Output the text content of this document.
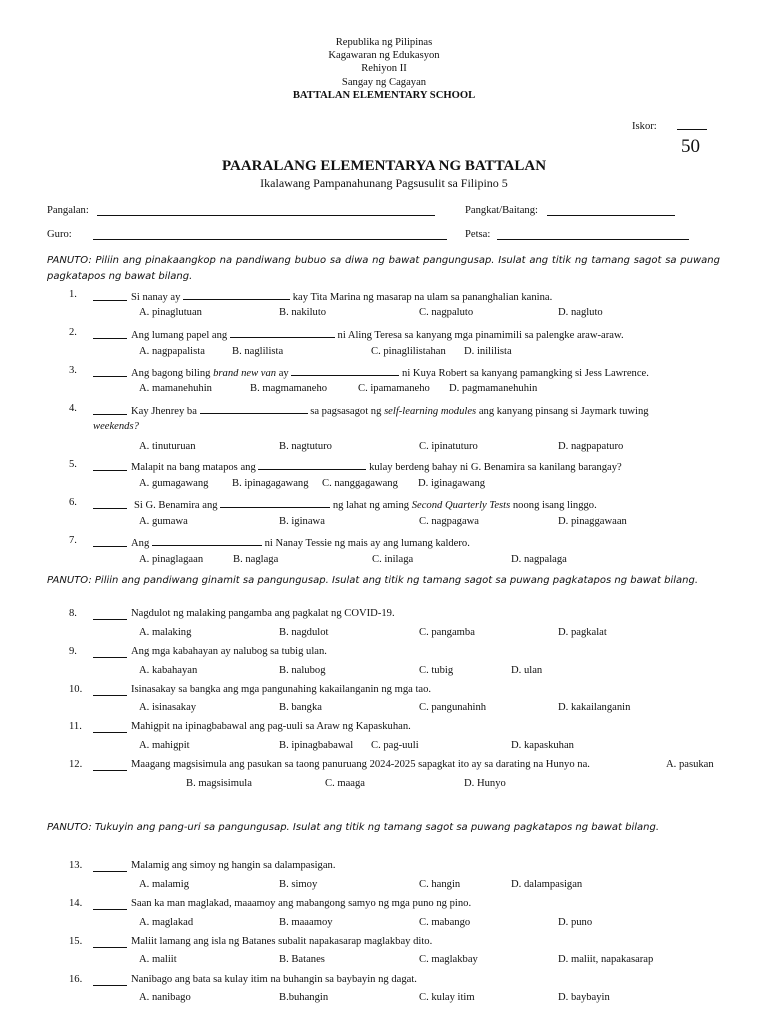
Republika ng Pilipinas
Kagawaran ng Edukasyon
Rehiyon II
Sangay ng Cagayan
BATTALAN ELEMENTARY SCHOOL
Iskor:
50
PAARALANG ELEMENTARYA NG BATTALAN
Ikalawang Pampanahunang Pagsusulit sa Filipino 5
Pangalan:	Pangkat/Baitang:
Guro:	Petsa:
PANUTO: Piliin ang pinakaangkop na pandiwang bubuo sa diwa ng bawat pangungusap. Isulat ang titik ng tamang sagot sa puwang pagkatapos ng bawat bilang.
1.	Si nanay ay	kay Tita Marina ng masarap na ulam sa pananghalian kanina.
A. pinaglutuan	B. nakiluto	C. nagpaluto	D. nagluto
2.	Ang lumang papel ang	ni Aling Teresa sa kanyang mga pinamimili sa palengke araw-araw.
A. nagpapalista	B. naglilista	C. pinaglilistahan D. inililista
3.	Ang bagong biling brand new van ay	ni Kuya Robert sa kanyang pamangking si Jess Lawrence.
A. mamanehuhin	B. magmamaneho	C. ipamamaneho D. pagmamanehuhin
4.	Kay Jhenrey ba	sa pagsasagot ng self-learning modules ang kanyang pinsang si Jaymark tuwing
weekends?
A. tinuturuan	B. nagtuturo	C. ipinatuturo	D. nagpapaturo
5.	Malapit na bang matapos ang	kulay berdeng bahay ni G. Benamira sa kanilang barangay?
A. gumagawang B. ipinagagawang C. nanggagawang D. iginagawang
6.	Si G. Benamira ang	ng lahat ng aming Second Quarterly Tests noong isang linggo.
A. gumawa	B. iginawa	C. nagpagawa	D. pinaggawaan
7.	Ang	ni Nanay Tessie ng mais ay ang lumang kaldero.
A. pinaglagaan	B. naglaga	C. inilaga	D. nagpalaga
PANUTO: Piliin ang pandiwang ginamit sa pangungusap. Isulat ang titik ng tamang sagot sa puwang pagkatapos ng bawat bilang.
8.	Nagdulot ng malaking pangamba ang pagkalat ng COVID-19.
A. malaking	B. nagdulot	C. pangamba	D. pagkalat
9.	Ang mga kabahayan ay nalubog sa tubig ulan.
A. kabahayan	B. nalubog	C. tubig	D. ulan
10.	Isinasakay sa bangka ang mga pangunahing kakailanganin ng mga tao.
A. isinasakay	B. bangka	C. pangunahinh	D. kakailanganin
11.	Mahigpit na ipinagbabawal ang pag-uuli sa Araw ng Kapaskuhan.
A. mahigpit	B. ipinagbabawal C. pag-uuli	D. kapaskuhan
12.	Maagang magsisimula ang pasukan sa taong panuruang 2024-2025 sapagkat ito ay sa darating na Hunyo na.	A. pasukan
B. magsisimula	C. maaga	D. Hunyo
PANUTO: Tukuyin ang pang-uri sa pangungusap. Isulat ang titik ng tamang sagot sa puwang pagkatapos ng bawat bilang.
13.	Malamig ang simoy ng hangin sa dalampasigan.
A. malamig	B. simoy	C. hangin	D. dalampasigan
14.	Saan ka man maglakad, maaamoy ang mabangong samyo ng mga puno ng pino.
A. maglakad	B. maaamoy	C. mabango	D. puno
15.	Maliit lamang ang isla ng Batanes subalit napakasarap maglakbay dito.
A. maliit	B. Batanes	C. maglakbay	D. maliit, napakasarap
16.	Nanibago ang bata sa kulay itim na buhangin sa baybayin ng dagat.
A. nanibago	B.buhangin	C. kulay itim	D. baybayin
